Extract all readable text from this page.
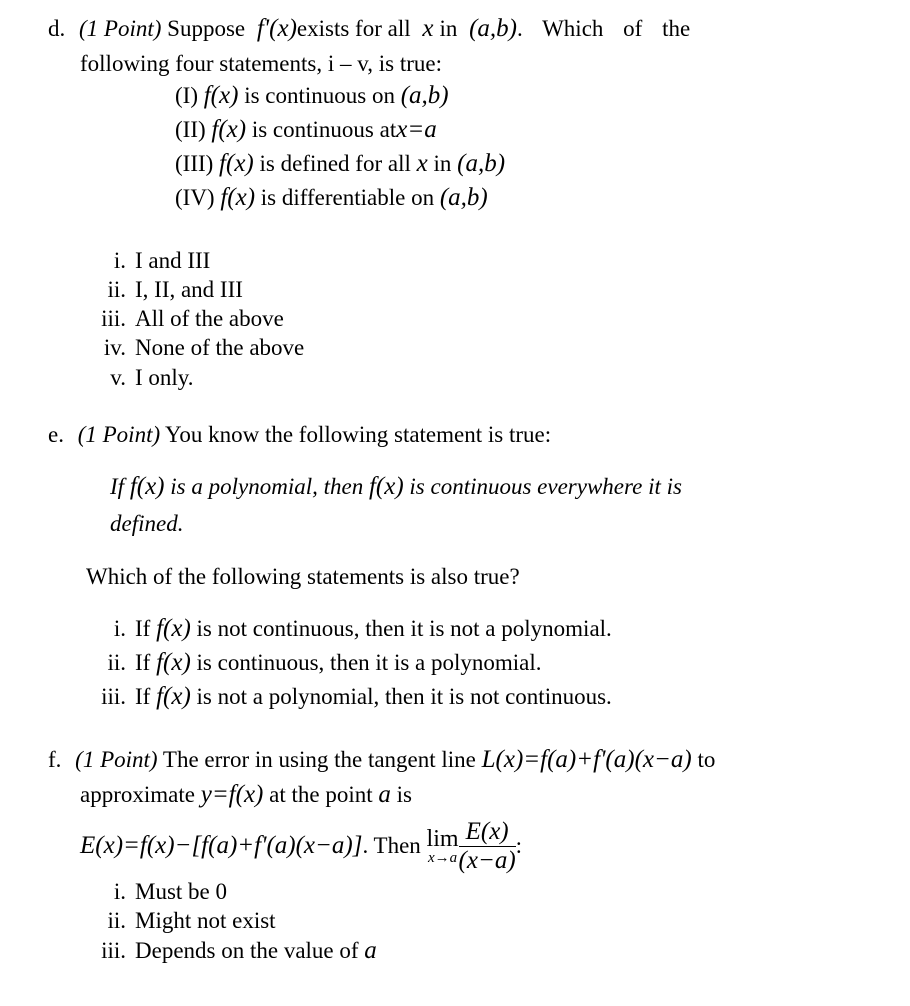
d. (1 Point) Suppose f'(x)exists for all x in (a,b). Which of the
following four statements, i – v, is true:
(I) f(x) is continuous on (a,b)
(II) f(x) is continuous atx=a
(III) f(x) is defined for all x in (a,b)
(IV) f(x) is differentiable on (a,b)
i. I and III
ii. I, II, and III
iii. All of the above
iv. None of the above
v. I only.
e. (1 Point) You know the following statement is true:
If f(x) is a polynomial, then f(x) is continuous everywhere it is
defined.
Which of the following statements is also true?
i. If f(x) is not continuous, then it is not a polynomial.
ii. If f(x) is continuous, then it is a polynomial.
iii. If f(x) is not a polynomial, then it is not continuous.
f. (1 Point) The error in using the tangent line L(x)=f(a)+f'(a)(x−a) to
approximate y=f(x) at the point a is
E(x)=f(x)−[f(a)+f'(a)(x−a)]. Then lim
$x\to a \frac{E(x)}{(x-a)}$ :
i. Must be 0
ii. Might not exist
iii. Depends on the value of a
